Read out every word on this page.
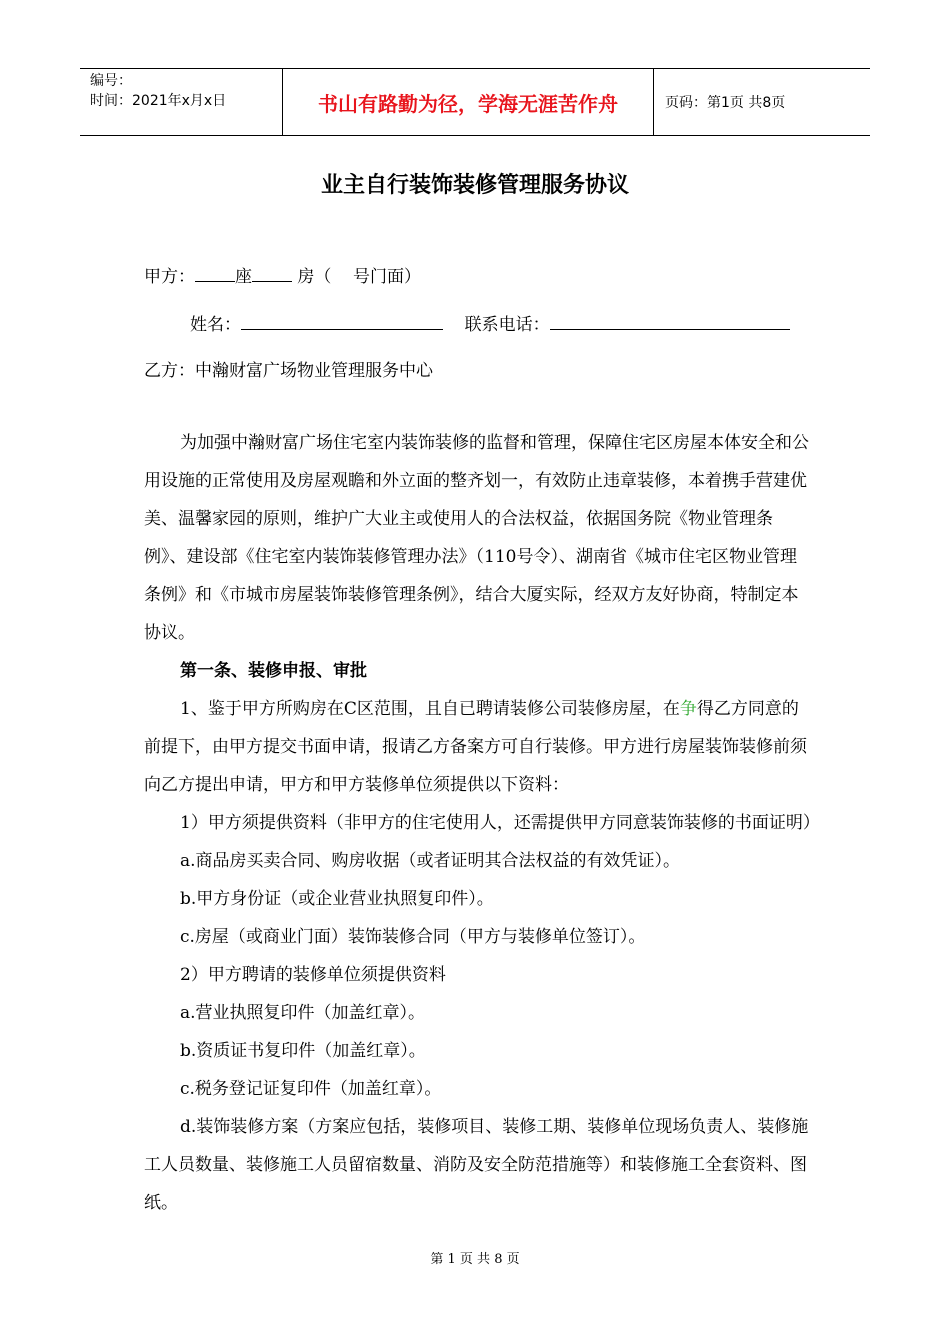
编号：
时间：2021年x月x日	书山有路勤为径，学海无涯苦作舟	页码：第1页 共8页
业主自行装饰装修管理服务协议
甲方： 座	房（ 号门面）
姓名：	联系电话：
乙方：中瀚财富广场物业管理服务中心

为加强中瀚财富广场住宅室内装饰装修的监督和管理，保障住宅区房屋本体安全和公用设施的正常使用及房屋观瞻和外立面的整齐划一，有效防止违章装修，本着携手营建优美、温馨家园的原则，维护广大业主或使用人的合法权益，依据国务院《物业管理条例》、建设部《住宅室内装饰装修管理办法》（110号令）、湖南省《城市住宅区物业管理条例》和《市城市房屋装饰装修管理条例》，结合大厦实际，经双方友好协商，特制定本协议。

第一条、装修申报、审批

1、鉴于甲方所购房在C区范围，且自已聘请装修公司装修房屋，在争得乙方同意的前提下，由甲方提交书面申请，报请乙方备案方可自行装修。甲方进行房屋装饰装修前须向乙方提出申请，甲方和甲方装修单位须提供以下资料：

1）甲方须提供资料（非甲方的住宅使用人，还需提供甲方同意装饰装修的书面证明）

a.商品房买卖合同、购房收据（或者证明其合法权益的有效凭证）。

b.甲方身份证（或企业营业执照复印件）。

c.房屋（或商业门面）装饰装修合同（甲方与装修单位签订）。

2）甲方聘请的装修单位须提供资料

a.营业执照复印件（加盖红章）。

b.资质证书复印件（加盖红章）。

c.税务登记证复印件（加盖红章）。

d.装饰装修方案（方案应包括，装修项目、装修工期、装修单位现场负责人、装修施工人员数量、装修施工人员留宿数量、消防及安全防范措施等）和装修施工全套资料、图纸。

第 1 页 共 8 页
